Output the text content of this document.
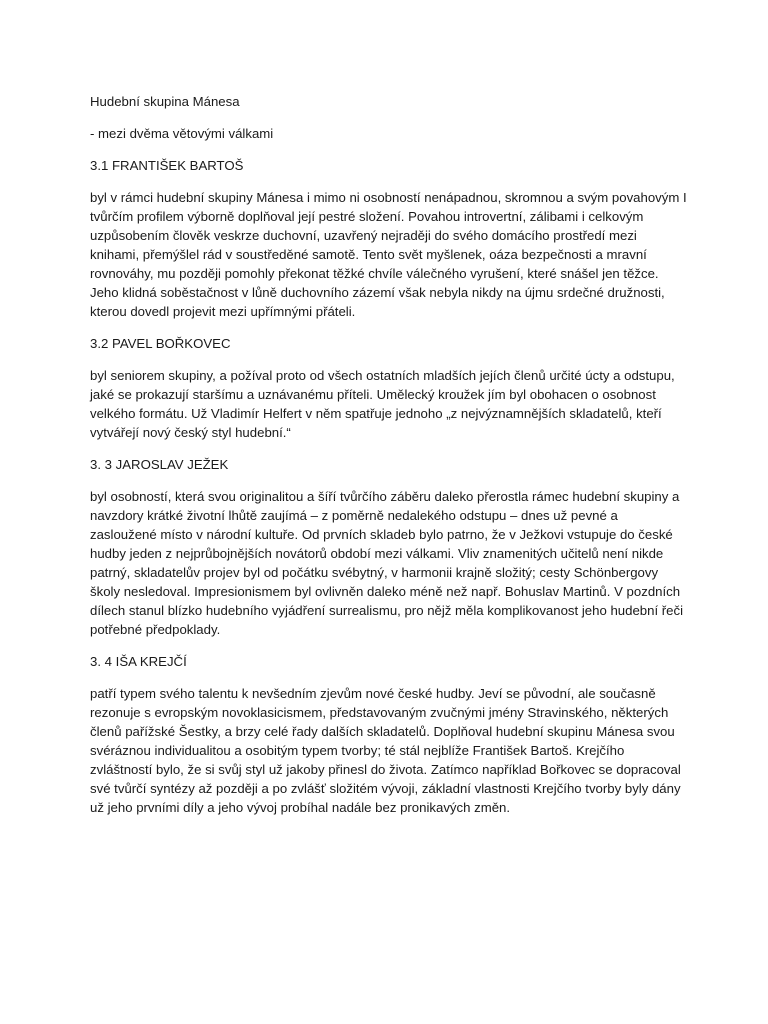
Hudební skupina Mánesa

- mezi dvěma větovými válkami

3.1 FRANTIŠEK BARTOŠ

byl v rámci hudební skupiny Mánesa i mimo ni osobností nenápadnou, skromnou a svým povahovým I tvůrčím profilem výborně doplňoval její pestré složení. Povahou introvertní, zálibami i celkovým uzpůsobením člověk veskrze duchovní, uzavřený nejraději do svého domácího prostředí mezi knihami, přemýšlel rád v soustředěné samotě. Tento svět myšlenek, oáza bezpečnosti a mravní rovnováhy, mu později pomohly překonat těžké chvíle válečného vyrušení, které snášel jen těžce. Jeho klidná soběstačnost v lůně duchovního zázemí však nebyla nikdy na újmu srdečné družnosti, kterou dovedl projevit mezi upřímnými přáteli.

3.2 PAVEL BOŘKOVEC

byl seniorem skupiny, a požíval proto od všech ostatních mladších jejích členů určité úcty a odstupu, jaké se prokazují staršímu a uznávanému příteli. Umělecký kroužek jím byl obohacen o osobnost velkého formátu. Už Vladimír Helfert v něm spatřuje jednoho „z nejvýznamnějších skladatelů, kteří vytvářejí nový český styl hudební.“

3. 3 JAROSLAV JEŽEK

byl osobností, která svou originalitou a šíří tvůrčího záběru daleko přerostla rámec hudební skupiny a navzdory krátké životní lhůtě zaujímá – z poměrně nedalekého odstupu – dnes už pevné a zasloužené místo v národní kultuře. Od prvních skladeb bylo patrno, že v Ježkovi vstupuje do české hudby jeden z nejprůbojnějších novátorů období mezi válkami. Vliv znamenitých učitelů není nikde patrný, skladatelův projev byl od počátku svébytný, v harmonii krajně složitý; cesty Schönbergovy školy nesledoval. Impresionismem byl ovlivněn daleko méně než např. Bohuslav Martinů. V pozdních dílech stanul blízko hudebního vyjádření surrealismu, pro nějž měla komplikovanost jeho hudební řeči potřebné předpoklady.

3. 4 IŠA KREJČÍ

patří typem svého talentu k nevšedním zjevům nové české hudby. Jeví se původní, ale současně rezonuje s evropským novoklasicismem, představovaným zvučnými jmény Stravinského, některých členů pařížské Šestky, a brzy celé řady dalších skladatelů. Doplňoval hudební skupinu Mánesa svou svéráznou individualitou a osobitým typem tvorby; té stál nejblíže František Bartoš. Krejčího zvláštností bylo, že si svůj styl už jakoby přinesl do života. Zatímco například Bořkovec se dopracoval své tvůrčí syntézy až později a po zvlášť složitém vývoji, základní vlastnosti Krejčího tvorby byly dány už jeho prvními díly a jeho vývoj probíhal nadále bez pronikavých změn.
